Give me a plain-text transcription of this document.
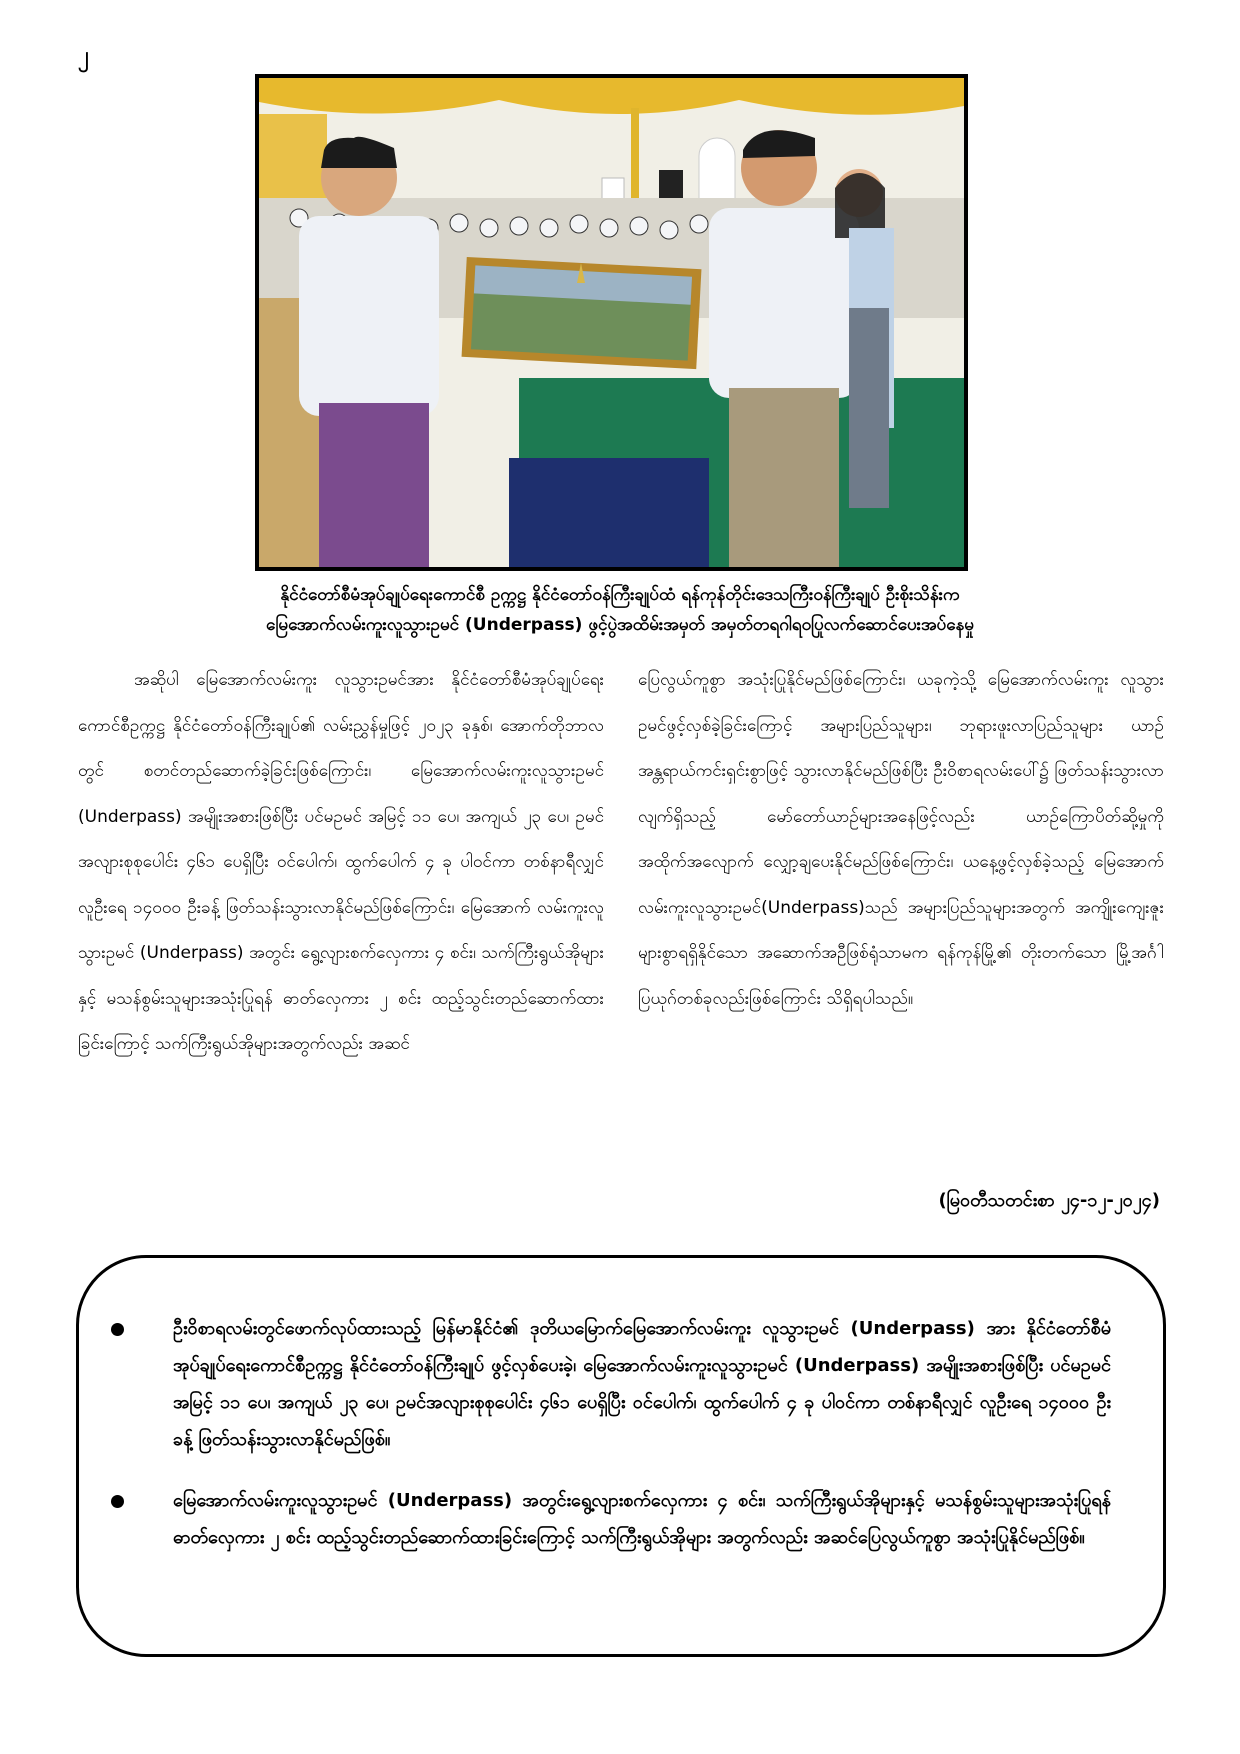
၂
နိုင်ငံတော်စီမံအုပ်ချုပ်ရေးကောင်စီ ဥက္ကဋ္ဌ နိုင်ငံတော်ဝန်ကြီးချုပ်ထံ ရန်ကုန်တိုင်းဒေသကြီးဝန်ကြီးချုပ် ဦးစိုးသိန်းက
မြေအောက်လမ်းကူးလူသွားဥမင် (Underpass) ဖွင့်ပွဲအထိမ်းအမှတ် အမှတ်တရဂါရဝပြုလက်ဆောင်ပေးအပ်နေမှု

အဆိုပါ မြေအောက်လမ်းကူး လူသွားဥမင်အား နိုင်ငံတော်စီမံအုပ်ချုပ်ရေးကောင်စီဥက္ကဋ္ဌ နိုင်ငံတော်ဝန်ကြီးချုပ်၏ လမ်းညွှန်မှုဖြင့် ၂၀၂၃ ခုနှစ်၊ အောက်တိုဘာလတွင် စတင်တည်ဆောက်ခဲ့ခြင်းဖြစ်ကြောင်း၊ မြေအောက်လမ်းကူးလူသွားဥမင် (Underpass) အမျိုးအစားဖြစ်ပြီး ပင်မဥမင် အမြင့် ၁၁ ပေ၊ အကျယ် ၂၃ ပေ၊ ဥမင်အလျားစုစုပေါင်း ၄၆၁ ပေရှိပြီး ဝင်ပေါက်၊ ထွက်ပေါက် ၄ ခု ပါဝင်ကာ တစ်နာရီလျှင် လူဦးရေ ၁၄၀၀၀ ဦးခန့် ဖြတ်သန်းသွားလာနိုင်မည်ဖြစ်ကြောင်း၊ မြေအောက် လမ်းကူးလူသွားဥမင် (Underpass) အတွင်း ရွေ့လျားစက်လှေကား ၄ စင်း၊ သက်ကြီးရွယ်အိုများနှင့် မသန်စွမ်းသူများအသုံးပြုရန် ဓာတ်လှေကား ၂ စင်း ထည့်သွင်းတည်ဆောက်ထားခြင်းကြောင့် သက်ကြီးရွယ်အိုများအတွက်လည်း အဆင်

ပြေလွယ်ကူစွာ အသုံးပြုနိုင်မည်ဖြစ်ကြောင်း၊ ယခုကဲ့သို့ မြေအောက်လမ်းကူး လူသွားဥမင်ဖွင့်လှစ်ခဲ့ခြင်းကြောင့် အများပြည်သူများ၊ ဘုရားဖူးလာပြည်သူများ ယာဉ်အန္တရာယ်ကင်းရှင်းစွာဖြင့် သွားလာနိုင်မည်ဖြစ်ပြီး ဦးဝိစာရလမ်းပေါ်၌ ဖြတ်သန်းသွားလာလျက်ရှိသည့် မော်တော်ယာဉ်များအနေဖြင့်လည်း ယာဉ်ကြောပိတ်ဆို့မှုကို အထိုက်အလျောက် လျှော့ချပေးနိုင်မည်ဖြစ်ကြောင်း၊ ယနေ့ဖွင့်လှစ်ခဲ့သည့် မြေအောက်လမ်းကူးလူသွားဥမင်(Underpass)သည် အများပြည်သူများအတွက် အကျိုးကျေးဇူးများစွာရရှိနိုင်သော အဆောက်အဦဖြစ်ရုံသာမက ရန်ကုန်မြို့၏ တိုးတက်သော မြို့အင်္ဂါပြယုဂ်တစ်ခုလည်းဖြစ်ကြောင်း သိရှိရပါသည်။

(မြဝတီသတင်းစာ ၂၄-၁၂-၂၀၂၄)
ဦးဝိစာရလမ်းတွင်ဖောက်လုပ်ထားသည့် မြန်မာနိုင်ငံ၏ ဒုတိယမြောက်မြေအောက်လမ်းကူး လူသွားဥမင် (Underpass) အား နိုင်ငံတော်စီမံအုပ်ချုပ်ရေးကောင်စီဥက္ကဋ္ဌ နိုင်ငံတော်ဝန်ကြီးချုပ် ဖွင့်လှစ်ပေးခဲ့၊ မြေအောက်လမ်းကူးလူသွားဥမင် (Underpass) အမျိုးအစားဖြစ်ပြီး ပင်မဥမင် အမြင့် ၁၁ ပေ၊ အကျယ် ၂၃ ပေ၊ ဥမင်အလျားစုစုပေါင်း ၄၆၁ ပေရှိပြီး ဝင်ပေါက်၊ ထွက်ပေါက် ၄ ခု ပါဝင်ကာ တစ်နာရီလျှင် လူဦးရေ ၁၄၀၀၀ ဦးခန့် ဖြတ်သန်းသွားလာနိုင်မည်ဖြစ်။
မြေအောက်လမ်းကူးလူသွားဥမင် (Underpass) အတွင်းရွေ့လျားစက်လှေကား ၄ စင်း၊ သက်ကြီးရွယ်အိုများနှင့် မသန်စွမ်းသူများအသုံးပြုရန် ဓာတ်လှေကား ၂ စင်း ထည့်သွင်းတည်ဆောက်ထားခြင်းကြောင့် သက်ကြီးရွယ်အိုများ အတွက်လည်း အဆင်ပြေလွယ်ကူစွာ အသုံးပြုနိုင်မည်ဖြစ်။
